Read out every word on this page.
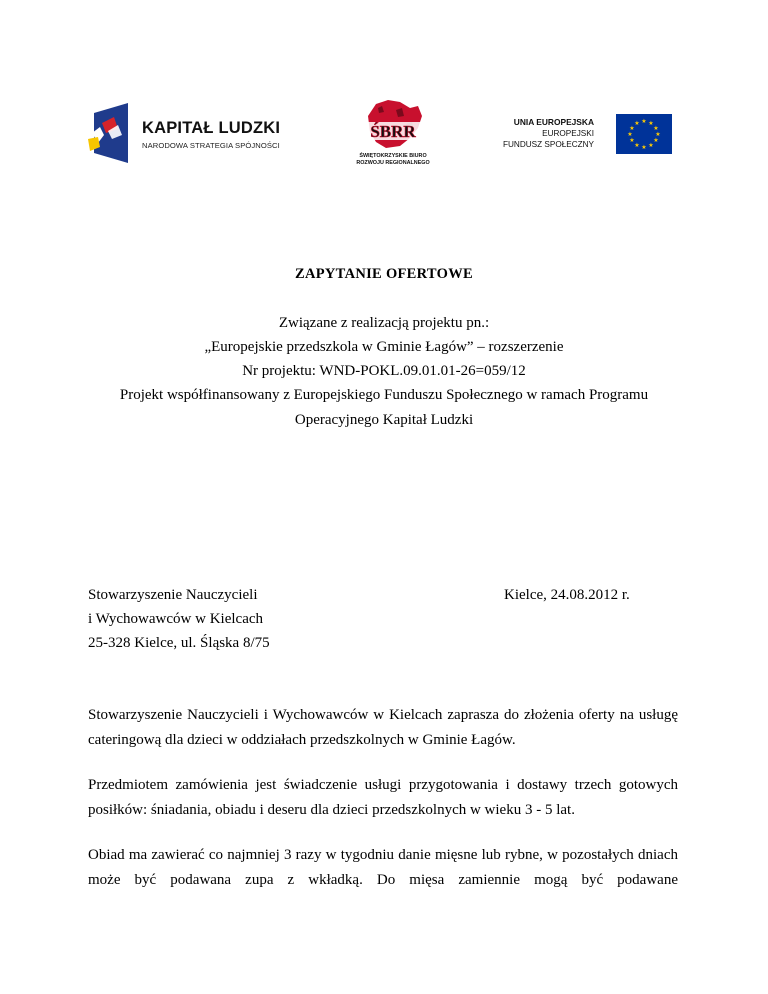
KAPITAŁ LUDZKI
NARODOWA STRATEGIA SPÓJNOŚCI
ŚBRR
ŚWIĘTOKRZYSKIE BIURO
ROZWOJU REGIONALNEGO
UNIA EUROPEJSKA
EUROPEJSKI
FUNDUSZ SPOŁECZNY
★ ★
★
★
★
★
★
★
★
★
★
★
ZAPYTANIE OFERTOWE
Związane z realizacją projektu pn.:
„Europejskie przedszkola w Gminie Łagów” – rozszerzenie
Nr projektu: WND-POKL.09.01.01-26=059/12
Projekt współfinansowany z Europejskiego Funduszu Społecznego w ramach Programu
Operacyjnego Kapitał Ludzki
Stowarzyszenie Nauczycieli
i Wychowawców w Kielcach
25-328 Kielce, ul. Śląska 8/75
Kielce, 24.08.2012 r.
Stowarzyszenie Nauczycieli i Wychowawców w Kielcach zaprasza do złożenia oferty na usługę cateringową dla dzieci w oddziałach przedszkolnych w Gminie Łagów.
Przedmiotem zamówienia jest świadczenie usługi przygotowania i dostawy trzech gotowych posiłków: śniadania, obiadu i deseru dla dzieci przedszkolnych w wieku 3 - 5 lat.
Obiad ma zawierać co najmniej 3 razy w tygodniu danie mięsne lub rybne, w pozostałych dniach może być podawana zupa z wkładką. Do mięsa zamiennie mogą być podawane
